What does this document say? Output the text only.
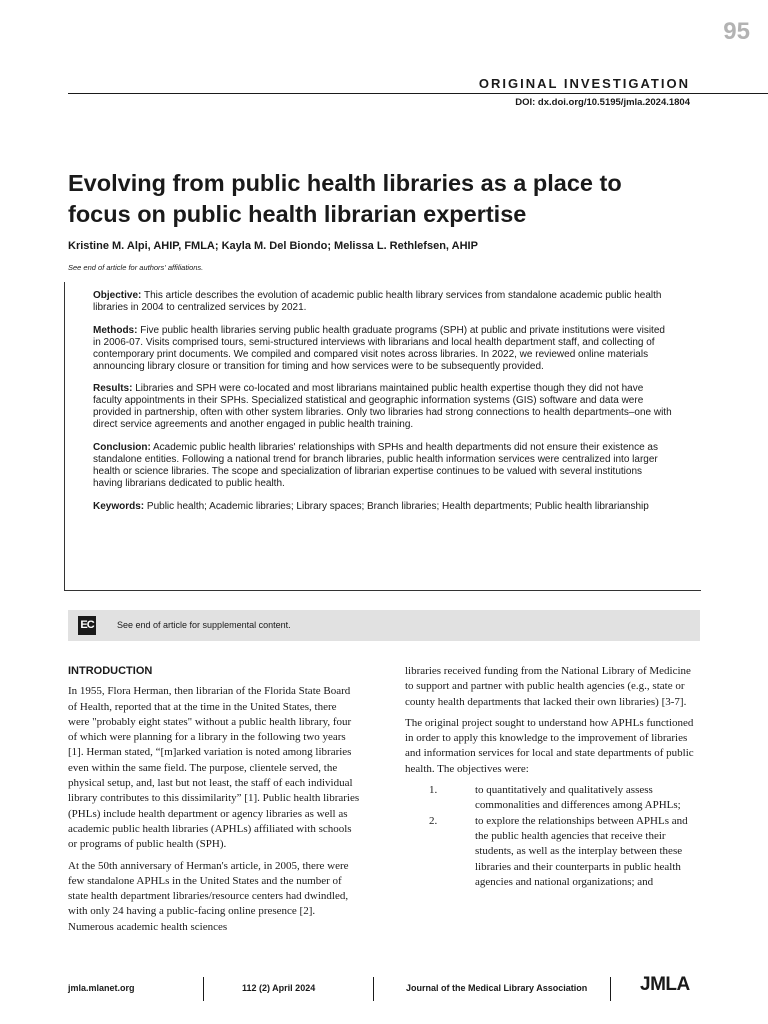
95
ORIGINAL INVESTIGATION
DOI: dx.doi.org/10.5195/jmla.2024.1804
Evolving from public health libraries as a place to focus on public health librarian expertise
Kristine M. Alpi, AHIP, FMLA; Kayla M. Del Biondo; Melissa L. Rethlefsen, AHIP
See end of article for authors' affiliations.

Objective: This article describes the evolution of academic public health library services from standalone academic public health libraries in 2004 to centralized services by 2021.

Methods: Five public health libraries serving public health graduate programs (SPH) at public and private institutions were visited in 2006-07. Visits comprised tours, semi-structured interviews with librarians and local health department staff, and collecting of contemporary print documents. We compiled and compared visit notes across libraries. In 2022, we reviewed online materials announcing library closure or transition for timing and how services were to be subsequently provided.

Results: Libraries and SPH were co-located and most librarians maintained public health expertise though they did not have faculty appointments in their SPHs. Specialized statistical and geographic information systems (GIS) software and data were provided in partnership, often with other system libraries. Only two libraries had strong connections to health departments–one with direct service agreements and another engaged in public health training.

Conclusion: Academic public health libraries' relationships with SPHs and health departments did not ensure their existence as standalone entities. Following a national trend for branch libraries, public health information services were centralized into larger health or science libraries. The scope and specialization of librarian expertise continues to be valued with several institutions having librarians dedicated to public health.

Keywords: Public health; Academic libraries; Library spaces; Branch libraries; Health departments; Public health librarianship

EC	See end of article for supplemental content.
INTRODUCTION

In 1955, Flora Herman, then librarian of the Florida State Board of Health, reported that at the time in the United States, there were "probably eight states" without a public health library, four of which were planning for a library in the following two years [1]. Herman stated, “[m]arked variation is noted among libraries even within the same field. The purpose, clientele served, the physical setup, and, last but not least, the staff of each individual library contributes to this dissimilarity” [1]. Public health libraries (PHLs) include health department or agency libraries as well as academic public health libraries (APHLs) affiliated with schools or programs of public health (SPH).

At the 50th anniversary of Herman's article, in 2005, there were few standalone APHLs in the United States and the number of state health department libraries/resource centers had dwindled, with only 24 having a public-facing online presence [2]. Numerous academic health sciences

libraries received funding from the National Library of Medicine to support and partner with public health agencies (e.g., state or county health departments that lacked their own libraries) [3-7].

The original project sought to understand how APHLs functioned in order to apply this knowledge to the improvement of libraries and information services for local and state departments of public health. The objectives were:

1.	to quantitatively and qualitatively assess commonalities and differences among APHLs;
2.	to explore the relationships between APHLs and the public health agencies that receive their students, as well as the interplay between these libraries and their counterparts in public health agencies and national organizations; and
jmla.mlanet.org	112 (2) April 2024	Journal of the Medical Library Association	JMLA
